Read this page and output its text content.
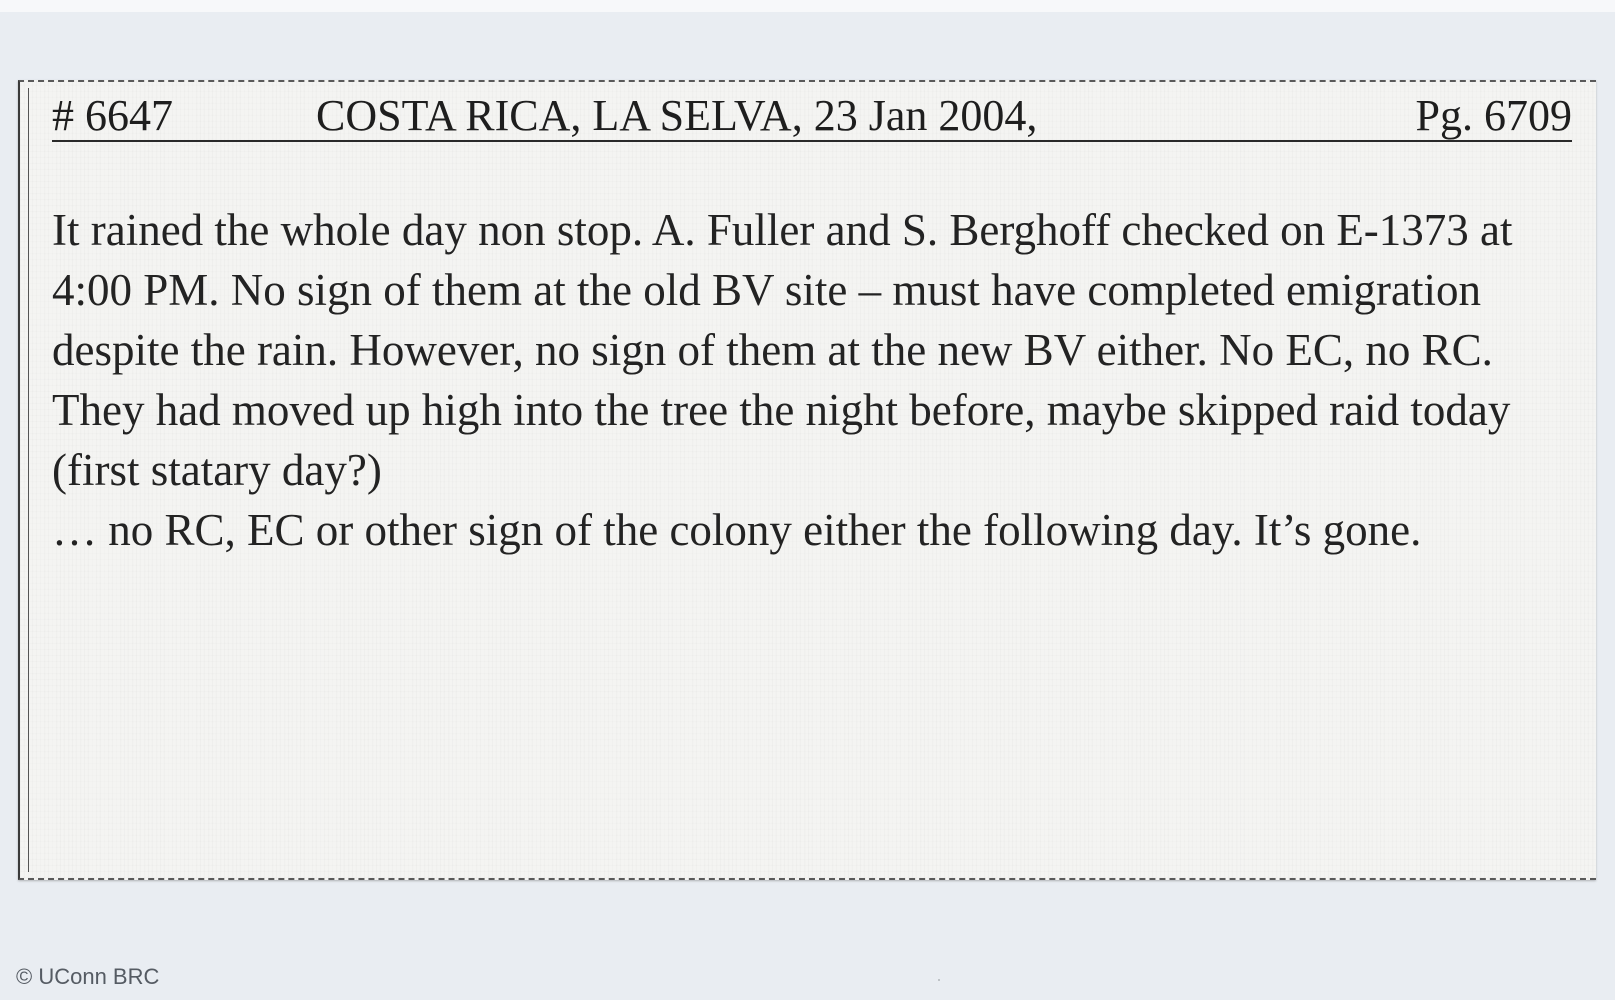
# 6647	COSTA RICA, LA SELVA, 23 Jan 2004,	Pg. 6709

It rained the whole day non stop. A. Fuller and S. Berghoff checked on E-1373 at 4:00 PM. No sign of them at the old BV site – must have completed emigration despite the rain. However, no sign of them at the new BV either. No EC, no RC. They had moved up high into the tree the night before, maybe skipped raid today (first statary day?)

… no RC, EC or other sign of the colony either the following day. It’s gone.

© UConn BRC
